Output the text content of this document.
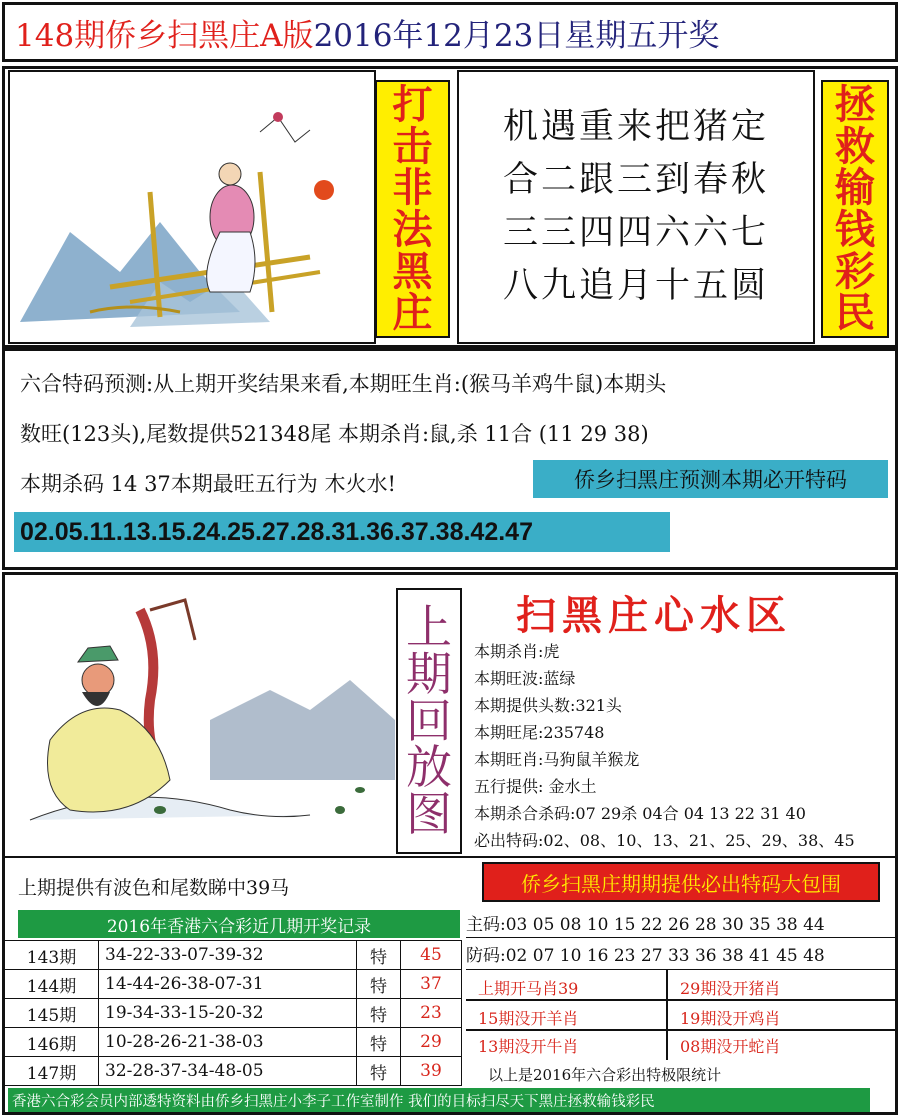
148期侨乡扫黑庄A版 2016年12月23日星期五开奖
打
击
非
法
黑
庄
机遇重来把猪定
合二跟三到春秋
三三四四六六七
八九追月十五圆
拯
救
输
钱
彩
民
六合特码预测:从上期开奖结果来看,本期旺生肖:(猴马羊鸡牛鼠)本期头
数旺(123头),尾数提供521348尾 本期杀肖:鼠,杀 11合 (11 29 38)
本期杀码 14 37本期最旺五行为 木火水!	侨乡扫黑庄预测本期必开特码
02.05.11.13.15.24.25.27.28.31.36.37.38.42.47
上
期
回
放
图
扫黑庄心水区
本期杀肖:虎
本期旺波:蓝绿
本期提供头数:321头
本期旺尾:235748
本期旺肖:马狗鼠羊猴龙
五行提供: 金水土
本期杀合杀码:07 29杀 04合 04 13 22 31 40
必出特码:02、08、10、13、21、25、29、38、45
上期提供有波色和尾数睇中39马	侨乡扫黑庄期期提供必出特码大包围
2016年香港六合彩近几期开奖记录
143期	34-22-33-07-39-32	特	45
144期	14-44-26-38-07-31	特	37
145期	19-34-33-15-20-32	特	23
146期	10-28-26-21-38-03	特	29
147期	32-28-37-34-48-05	特	39
主码:03 05 08 10 15 22 26 28 30 35 38 44
防码:02 07 10 16 23 27 33 36 38 41 45 48
上期开马肖39	29期没开猪肖
15期没开羊肖	19期没开鸡肖
13期没开牛肖	08期没开蛇肖
以上是2016年六合彩出特极限统计
香港六合彩会员内部透特资料由侨乡扫黑庄小李子工作室制作 我们的目标扫尽天下黑庄拯救输钱彩民
